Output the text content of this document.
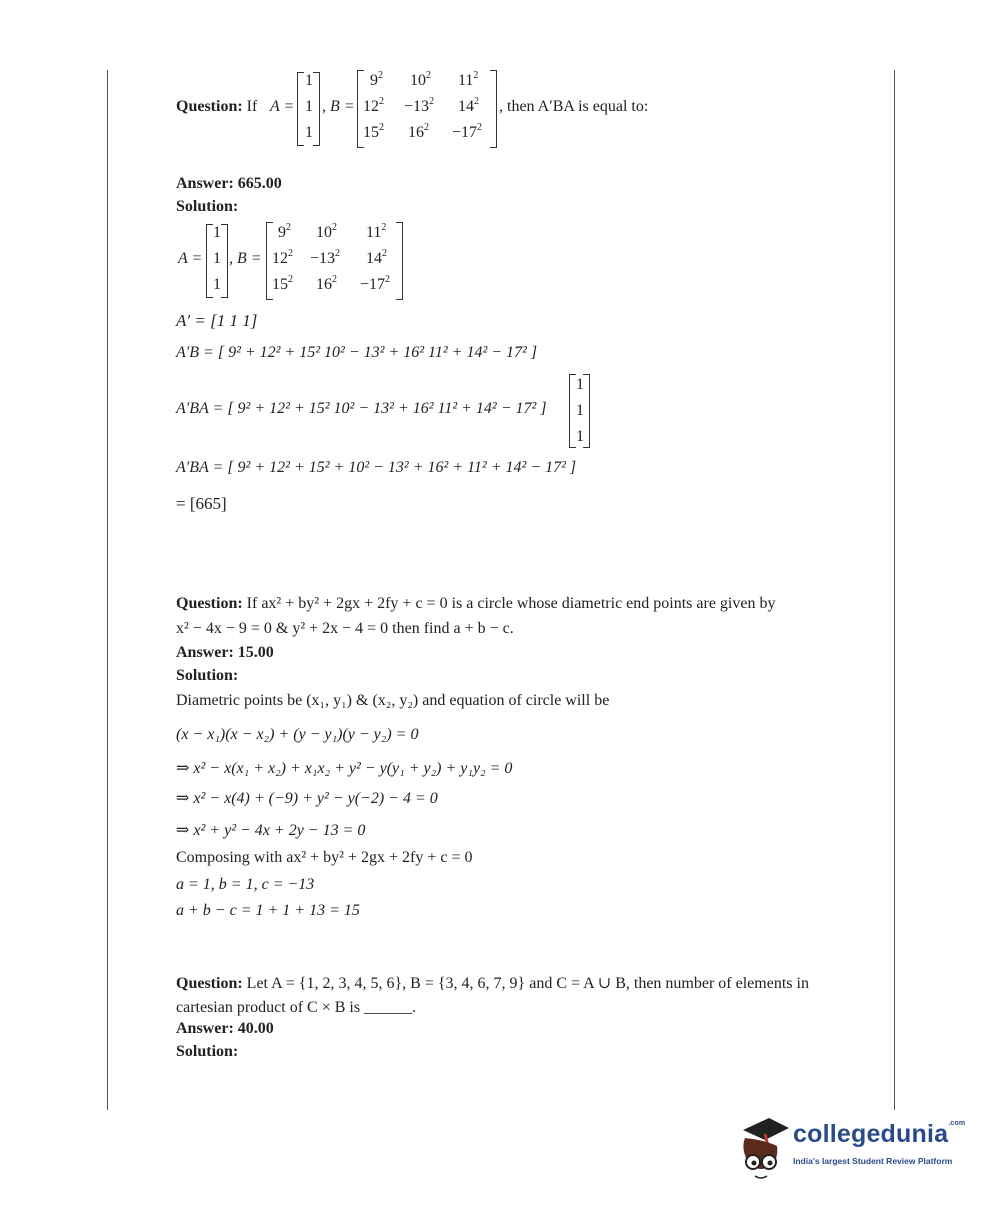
Question: If A =
1
1
1
, B =
$9^2$ $10^2$ $11^2$
$12^2 -13^2$ $14^2$
$15^2$ $16^2 -17^2$
, then A′BA is equal to:
Answer: 665.00
Solution:
A =
1
1
1
, B =
$9^2$ $10^2$ $11^2$
$12^2 -13^2$ $14^2$
$15^2$ $16^2 -17^2$
A′ = [1 1 1]
A′B = [ 9² + 12² + 15² 10² − 13² + 16² 11² + 14² − 17² ]
A′BA = [ 9² + 12² + 15² 10² − 13² + 16² 11² + 14² − 17² ]
1
1
1
A′BA = [ 9² + 12² + 15² + 10² − 13² + 16² + 11² + 14² − 17² ]
= [665]
Question: If ax² + by² + 2gx + 2fy + c = 0 is a circle whose diametric end points are given by
x² − 4x − 9 = 0 & y² + 2x − 4 = 0 then find a + b − c.
Answer: 15.00
Solution:
Diametric points be (x₁, y₁) & (x₂, y₂) and equation of circle will be
(x − x₁)(x − x₂) + (y − y₁)(y − y₂) = 0
⇒ x² − x(x₁ + x₂) + x₁x₂ + y² − y(y₁ + y₂) + y₁y₂ = 0
⇒ x² − x(4) + (−9) + y² − y(−2) − 4 = 0
⇒ x² + y² − 4x + 2y − 13 = 0
Composing with ax² + by² + 2gx + 2fy + c = 0
a = 1, b = 1, c = −13
a + b − c = 1 + 1 + 13 = 15
Question: Let A = {1, 2, 3, 4, 5, 6}, B = {3, 4, 6, 7, 9} and C = A ∪ B, then number of elements in
cartesian product of C × B is ______.
Answer: 40.00
Solution:
collegedunia$^{.com}$
India's largest Student Review Platform
